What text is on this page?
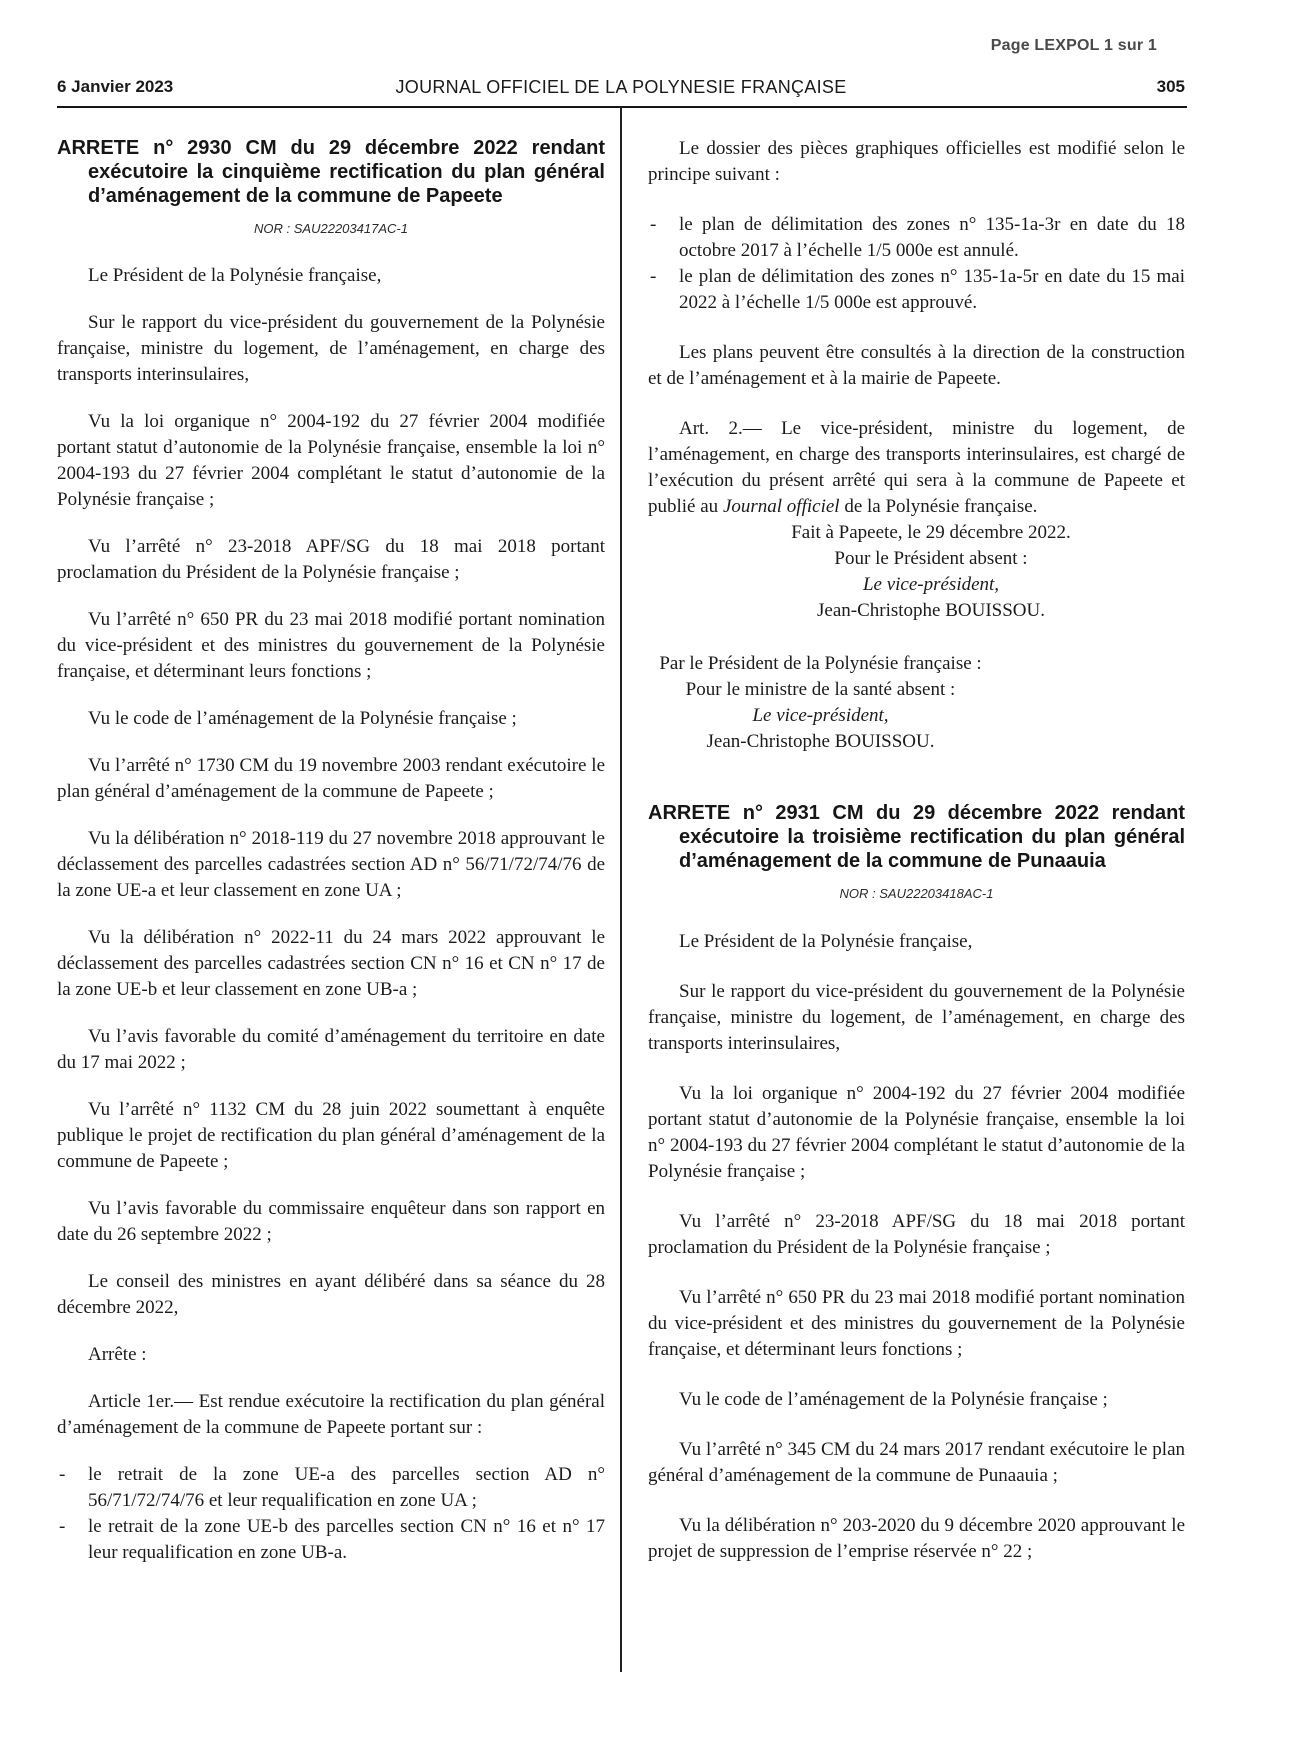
Page LEXPOL 1 sur 1
6 Janvier 2023	JOURNAL OFFICIEL DE LA POLYNESIE FRANÇAISE	305
ARRETE n° 2930 CM du 29 décembre 2022 rendant exécutoire la cinquième rectification du plan général d’aménagement de la commune de Papeete
NOR : SAU22203417AC-1

Le Président de la Polynésie française,

Sur le rapport du vice-président du gouvernement de la Polynésie française, ministre du logement, de l’aménagement, en charge des transports interinsulaires,

Vu la loi organique n° 2004-192 du 27 février 2004 modifiée portant statut d’autonomie de la Polynésie française, ensemble la loi n° 2004-193 du 27 février 2004 complétant le statut d’autonomie de la Polynésie française ;

Vu l’arrêté n° 23-2018 APF/SG du 18 mai 2018 portant proclamation du Président de la Polynésie française ;

Vu l’arrêté n° 650 PR du 23 mai 2018 modifié portant nomination du vice-président et des ministres du gouvernement de la Polynésie française, et déterminant leurs fonctions ;

Vu le code de l’aménagement de la Polynésie française ;

Vu l’arrêté n° 1730 CM du 19 novembre 2003 rendant exécutoire le plan général d’aménagement de la commune de Papeete ;

Vu la délibération n° 2018-119 du 27 novembre 2018 approuvant le déclassement des parcelles cadastrées section AD n° 56/71/72/74/76 de la zone UE-a et leur classement en zone UA ;

Vu la délibération n° 2022-11 du 24 mars 2022 approuvant le déclassement des parcelles cadastrées section CN n° 16 et CN n° 17 de la zone UE-b et leur classement en zone UB-a ;

Vu l’avis favorable du comité d’aménagement du territoire en date du 17 mai 2022 ;

Vu l’arrêté n° 1132 CM du 28 juin 2022 soumettant à enquête publique le projet de rectification du plan général d’aménagement de la commune de Papeete ;

Vu l’avis favorable du commissaire enquêteur dans son rapport en date du 26 septembre 2022 ;

Le conseil des ministres en ayant délibéré dans sa séance du 28 décembre 2022,

Arrête :

Article 1er.— Est rendue exécutoire la rectification du plan général d’aménagement de la commune de Papeete portant sur :

- le retrait de la zone UE-a des parcelles section AD n° 56/71/72/74/76 et leur requalification en zone UA ;
- le retrait de la zone UE-b des parcelles section CN n° 16 et n° 17 leur requalification en zone UB-a.

Le dossier des pièces graphiques officielles est modifié selon le principe suivant :

- le plan de délimitation des zones n° 135-1a-3r en date du 18 octobre 2017 à l’échelle 1/5 000e est annulé.
- le plan de délimitation des zones n° 135-1a-5r en date du 15 mai 2022 à l’échelle 1/5 000e est approuvé.

Les plans peuvent être consultés à la direction de la construction et de l’aménagement et à la mairie de Papeete.

Art. 2.— Le vice-président, ministre du logement, de l’aménagement, en charge des transports interinsulaires, est chargé de l’exécution du présent arrêté qui sera à la commune de Papeete et publié au Journal officiel de la Polynésie française.

Fait à Papeete, le 29 décembre 2022.
Pour le Président absent :
Le vice-président,
Jean-Christophe BOUISSOU.
Par le Président de la Polynésie française :
Pour le ministre de la santé absent :
Le vice-président,
Jean-Christophe BOUISSOU.
ARRETE n° 2931 CM du 29 décembre 2022 rendant exécutoire la troisième rectification du plan général d’aménagement de la commune de Punaauia
NOR : SAU22203418AC-1

Le Président de la Polynésie française,

Sur le rapport du vice-président du gouvernement de la Polynésie française, ministre du logement, de l’aménagement, en charge des transports interinsulaires,

Vu la loi organique n° 2004-192 du 27 février 2004 modifiée portant statut d’autonomie de la Polynésie française, ensemble la loi n° 2004-193 du 27 février 2004 complétant le statut d’autonomie de la Polynésie française ;

Vu l’arrêté n° 23-2018 APF/SG du 18 mai 2018 portant proclamation du Président de la Polynésie française ;

Vu l’arrêté n° 650 PR du 23 mai 2018 modifié portant nomination du vice-président et des ministres du gouvernement de la Polynésie française, et déterminant leurs fonctions ;

Vu le code de l’aménagement de la Polynésie française ;

Vu l’arrêté n° 345 CM du 24 mars 2017 rendant exécutoire le plan général d’aménagement de la commune de Punaauia ;

Vu la délibération n° 203-2020 du 9 décembre 2020 approuvant le projet de suppression de l’emprise réservée n° 22 ;
